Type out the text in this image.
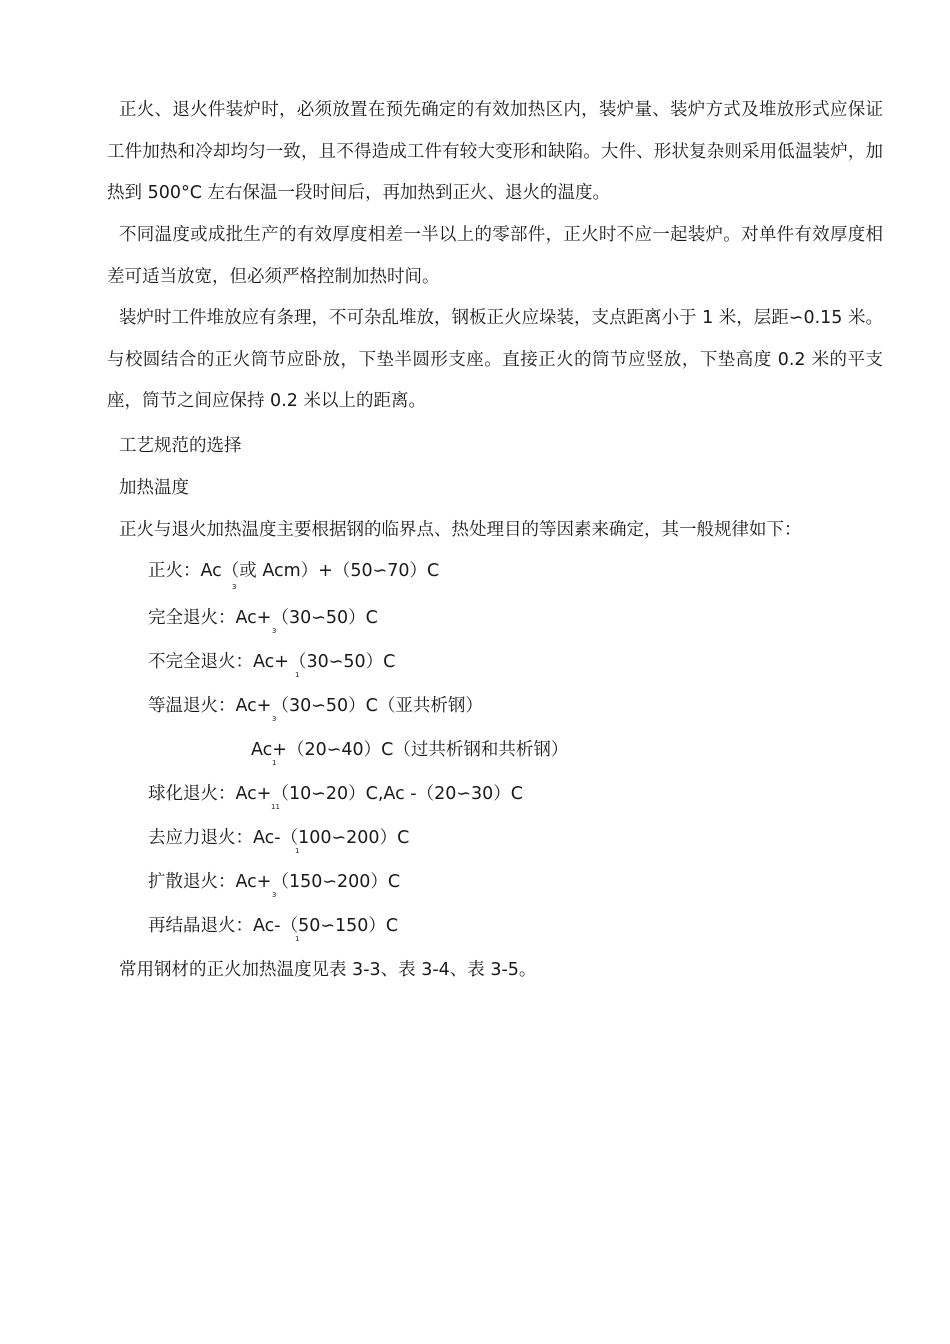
正火、退火件装炉时，必须放置在预先确定的有效加热区内，装炉量、装炉方式及堆放形式应保证工件加热和冷却均匀一致，且不得造成工件有较大变形和缺陷。大件、形状复杂则采用低温装炉，加热到 500°C 左右保温一段时间后，再加热到正火、退火的温度。

不同温度或成批生产的有效厚度相差一半以上的零部件，正火时不应一起装炉。对单件有效厚度相差可适当放宽，但必须严格控制加热时间。

装炉时工件堆放应有条理，不可杂乱堆放，钢板正火应垛装，支点距离小于 1 米，层距∽0.15 米。与校圆结合的正火筒节应卧放，下垫半圆形支座。直接正火的筒节应竖放，下垫高度 0.2 米的平支座，筒节之间应保持 0.2 米以上的距离。

工艺规范的选择

加热温度

正火与退火加热温度主要根据钢的临界点、热处理目的等因素来确定，其一般规律如下：

正火：Ac（或 Acm）+（50∽70）C
3
完全退火：Ac+（30∽50）C
3
不完全退火：Ac+（30∽50）C
1
等温退火：Ac+（30∽50）C（亚共析钢）
3
Ac+（20∽40）C（过共析钢和共析钢）
1
球化退火：Ac+（10∽20）C,Ac -（20∽30）C
11
去应力退火：Ac-（100∽200）C
1
扩散退火：Ac+（150∽200）C
3
再结晶退火：Ac-（50∽150）C
1

常用钢材的正火加热温度见表 3-3、表 3-4、表 3-5。
